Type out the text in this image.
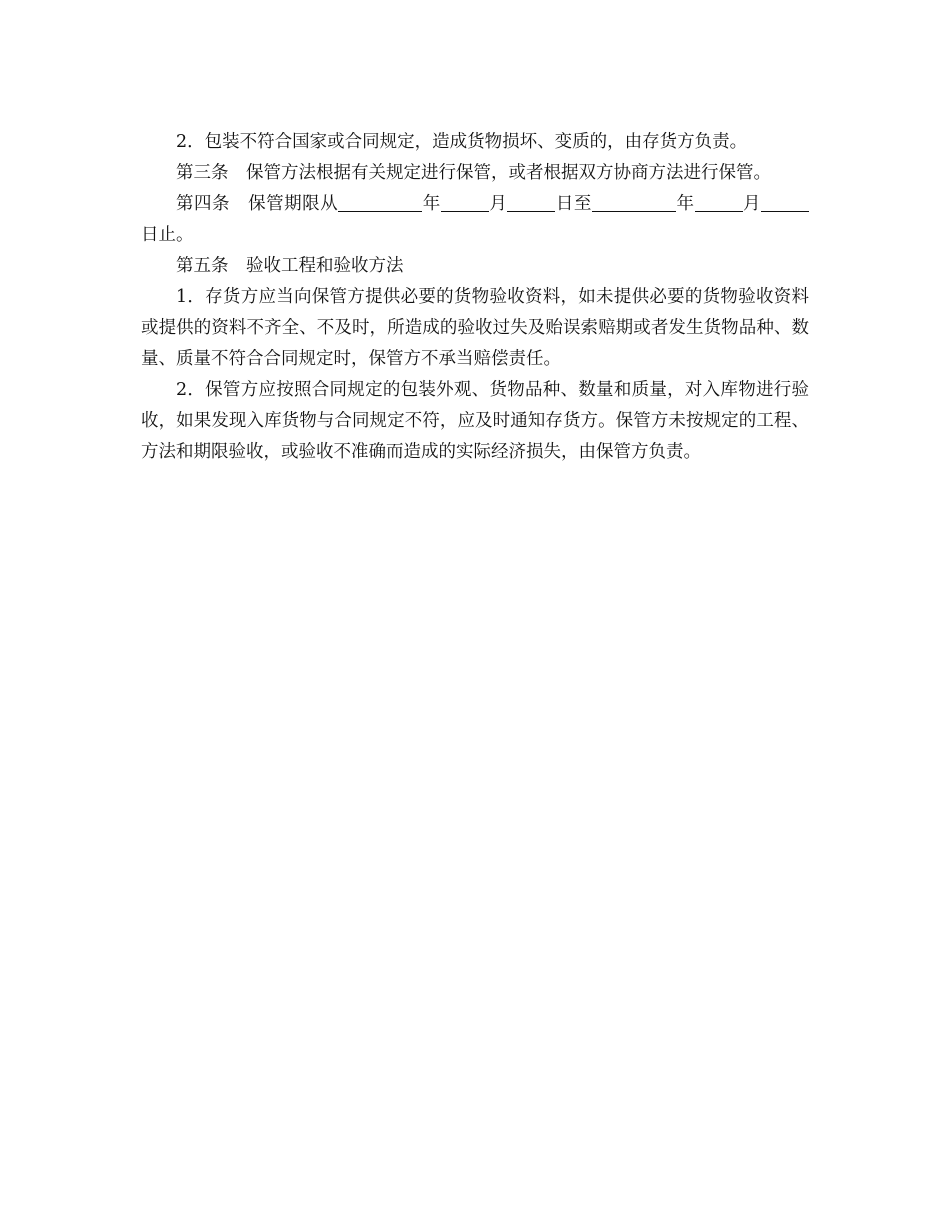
2．包装不符合国家或合同规定，造成货物损坏、变质的，由存货方负责。

第三条　保管方法根据有关规定进行保管，或者根据双方协商方法进行保管。

第四条　保管期限从	年	月	日至	年	月日止。

第五条　验收工程和验收方法

1．存货方应当向保管方提供必要的货物验收资料，如未提供必要的货物验收资料或提供的资料不齐全、不及时，所造成的验收过失及贻误索赔期或者发生货物品种、数量、质量不符合合同规定时，保管方不承当赔偿责任。

2．保管方应按照合同规定的包装外观、货物品种、数量和质量，对入库物进行验收，如果发现入库货物与合同规定不符，应及时通知存货方。保管方未按规定的工程、方法和期限验收，或验收不准确而造成的实际经济损失，由保管方负责。
